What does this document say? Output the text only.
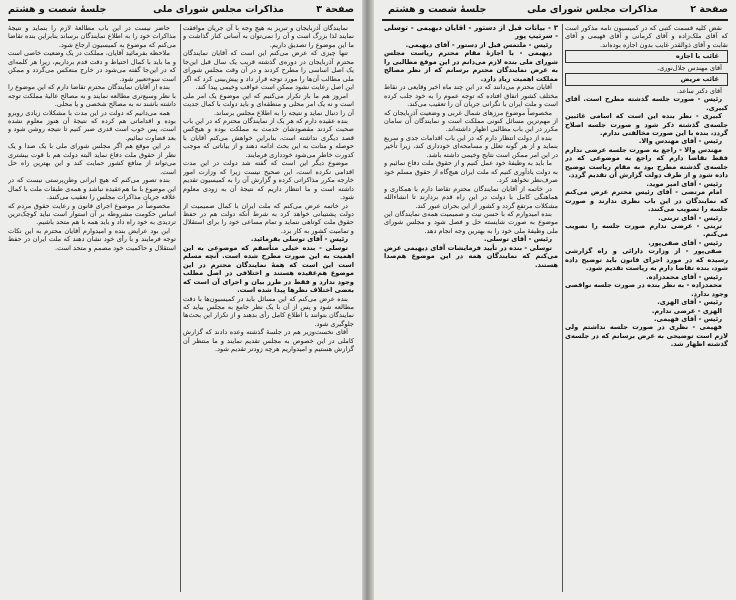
صفحة ۳
مذاکرات مجلس شورای ملی
جلسهٔ شصت و هشتم

نمایندگان آذربایجان و تبریز به هیچ وجه با آن جریان موافقت نمایند لذا بزرگ است و آن را نمی‌توان به آسانی کنار گذاشت و ما این موضوع را تصدیق داریم.

تنها چیزی که عرض می‌کنم این است که آقایان نمایندگان محترم آذربایجان در دوره‌ی گذشته قریب یک سال قبل این‌جا یک اصل اساسی را مطرح کردند و در آن وقت مجلس شورای ملی مطالب آن‌ها را مورد توجه قرار داد و پیش‌بینی کرد که اگر این اصل رعایت نشود ممکن است عواقب وخیمی پیدا کند.

امروز هم ما باز تکرار می‌کنیم که این موضوع یک امر ملی است و نه یک امر محلی و منطقه‌ای و باید دولت با کمال جدیت آن را دنبال نماید و نتیجه را به اطلاع مجلس برساند.

بنده عقیده دارم که هر یک از نمایندگان محترم که در این باب صحبت کردند مقصودشان خدمت به مملکت بوده و هیچ‌کس قصد دیگری نداشته است، بنابراین خواهش می‌کنم آقایان با حوصله و متانت به این بحث ادامه دهند و از بیاناتی که موجب کدورت خاطر می‌شود خودداری فرمایند.

موضوع دیگر این است که گفته شد دولت در این مدت اقدامی نکرده است، این صحیح نیست زیرا که وزارت امور خارجه مکرر مذاکراتی کرده و گزارش آن را به کمیسیون تقدیم داشته است و ما انتظار داریم که نتیجهٔ آن به زودی معلوم شود.

در خاتمه عرض می‌کنم که ملت ایران با کمال صمیمیت از دولت پشتیبانی خواهد کرد به شرط آنکه دولت هم در حفظ حقوق ملت کوتاهی ننماید و تمام مساعی خود را برای استقلال و تمامیت کشور به کار برد.

رئیس - آقای توسلی بفرمائید.

توسلی - بنده خیلی متأسفم که موضوعی به این اهمیت به این صورت مطرح شده است. آنچه مسلم است این است که همهٔ نمایندگان محترم در این موضوع هم‌عقیده هستند و اختلافی در اصل مطلب وجود ندارد و فقط در طرز بیان و اجرای آن است که بعضی اختلاف نظرها پیدا شده است.

بنده عرض می‌کنم که این مسائل باید در کمیسیون‌ها با دقت مطالعه شود و پس از آن با یک نظر جامع به مجلس بیاید که نمایندگان بتوانند با اطلاع کامل رأی بدهند و از تکرار این بحث‌ها جلوگیری شود.

آقای نخست‌وزیر هم در جلسهٔ گذشته وعده دادند که گزارش کاملی در این خصوص به مجلس تقدیم نمایند و ما منتظر آن گزارش هستیم و امیدواریم هرچه زودتر تقدیم شود.

حاضر نیست در این باب مطالعهٔ لازم را بنماید و نتیجهٔ مذاکرات خود را به اطلاع نمایندگان برساند بنابراین بنده تقاضا می‌کنم که موضوع به کمیسیون ارجاع شود.

ملاحظه بفرمائید آقایان، مملکت در یک وضعیت خاصی است و ما باید با کمال احتیاط و دقت قدم برداریم، زیرا هر کلمه‌ای که در این‌جا گفته می‌شود در خارج منعکس می‌گردد و ممکن است سوءتعبیر شود.

بنده از آقایان نمایندگان محترم تقاضا دارم که این موضوع را با نظر وسیع‌تری مطالعه نمایند و به مصالح عالیهٔ مملکت توجه داشته باشند نه به مصالح شخصی و یا محلی.

همه می‌دانیم که دولت در این مدت با مشکلات زیادی روبرو بوده و اقداماتی هم کرده که نتیجهٔ آن هنوز معلوم نشده است، پس خوب است قدری صبر کنیم تا نتیجه روشن شود و بعد قضاوت نمائیم.

در این موقع هم اگر مجلس شورای ملی با یک صدا و یک نظر از حقوق ملت دفاع نماید البته دولت هم با قوت بیشتری می‌تواند از منافع کشور حمایت کند و این بهترین راه حل است.

بنده تصور می‌کنم که هیچ ایرانی وطن‌پرستی نیست که در این موضوع با ما هم‌عقیده نباشد و همه‌ی طبقات ملت با کمال علاقه جریان مذاکرات مجلس را تعقیب می‌کنند.

مخصوصاً در موضوع اجرای قانون و رعایت حقوق مردم که اساس حکومت مشروطه بر آن استوار است نباید کوچک‌ترین تردیدی به خود راه داد و باید همه با هم متحد باشیم.

این بود عرایض بنده و امیدوارم آقایان محترم به این نکات توجه فرمایند و با رأی خود نشان دهند که ملت ایران در حفظ استقلال و حاکمیت خود مصمم و متحد است.

صفحة ۲
مذاکرات مجلس شورای ملی
جلسهٔ شصت و هشتم

نقض کلیه قسمت کتبی که در کمیسیون نامه مذکور است که آقای ملک‌زاده و آقای کرمانی و آقای فهیمی و آقای نقابت و آقای ذوالقدر غایب بدون اجازه بوده‌اند.

غائب با اجازه

آقای مهندس جلال‌نوری.

غائب مریض

آقای دکتر ساعد.

رئیس - صورت جلسه گذشته مطرح است. آقای کبیری.

کبیری - نظر بنده این است که اسامی غائبین جلسه‌ی گذشته ذکر شود و صورت جلسه اصلاح گردد، بنده با این صورت مخالفتی ندارم.

رئیس - آقای مهندس والا.

مهندس والا - راجع به صورت جلسه عرضی ندارم فقط تقاضا دارم که راجع به موضوعی که در جلسه‌ی گذشته مطرح بود به مقام ریاست توضیح داده شود و از طرف دولت گزارش آن تقدیم گردد.

رئیس - آقای امیر موید.

امام مرتضی - آقای رئیس محترم عرض می‌کنم که نمایندگان در این باب نظری ندارند و صورت جلسه را تصویب می‌کنند.

رئیس - آقای تربتی.

تربتی - عرضی ندارم صورت جلسه را تصویب می‌کنم.

رئیس - آقای صفی‌پور.

صفی‌پور - از وزارت دارائی و راه گزارشی رسیده که در مورد اجرای قانون باید توضیح داده شود، بنده تقاضا دارم به ریاست تقدیم شود.

رئیس - آقای محمدزاده.

محمدزاده - به نظر بنده در صورت جلسه نواقصی وجود ندارد.

رئیس - آقای الهزی.

الهزی - عرضی ندارم.

رئیس - آقای فهیمی.

فهیمی - نظری در صورت جلسه نداشتم ولی لازم است توضیحی به عرض برسانم که در جلسه‌ی گذشته اظهار شد.

۳ - بیانات قبل از دستور - آقایان دیهیمی - توسلی - سرتیپ پور

رئیس - ملتمس قبل از دستور - آقای دیهیمی.

دیهیمی - با اجازهٔ مقام محترم ریاست مجلس شورای ملی بنده لازم می‌دانم در این موقع مطالبی را به عرض نمایندگان محترم برسانم که از نظر مصالح مملکت اهمیت زیاد دارد.

آقایان محترم می‌دانند که در این چند ماه اخیر وقایعی در نقاط مختلف کشور اتفاق افتاده که توجه عموم را به خود جلب کرده است و ملت ایران با نگرانی جریان آن را تعقیب می‌کند.

مخصوصاً موضوع مرزهای شمال غربی و وضعیت آذربایجان که از مهم‌ترین مسائل کنونی مملکت است و نمایندگان آن سامان مکرر در این باب مطالبی اظهار داشته‌اند.

بنده از دولت انتظار دارم که در این باب اقدامات جدی و سریع بنماید و از هر گونه تعلل و مسامحه‌ای خودداری کند، زیرا تأخیر در این امر ممکن است نتایج وخیمی داشته باشد.

ما باید به وظیفهٔ خود عمل کنیم و از حقوق ملت دفاع نمائیم و به دولت یادآوری کنیم که ملت ایران هیچ‌گاه از حقوق مسلم خود صرف‌نظر نخواهد کرد.

در خاتمه از آقایان نمایندگان محترم تقاضا دارم با همکاری و هماهنگی کامل با دولت در این راه قدم بردارند تا انشاءالله مشکلات مرتفع گردد و کشور از این بحران عبور کند.

بنده امیدوارم که با حسن نیت و صمیمیت همه‌ی نمایندگان این موضوع به صورت شایسته حل و فصل شود و مجلس شورای ملی وظیفهٔ ملی خود را به بهترین وجه انجام دهد.

رئیس - آقای توسلی.

توسلی - بنده در تأیید فرمایشات آقای دیهیمی عرض می‌کنم که نمایندگان همه در این موضوع هم‌صدا هستند.
